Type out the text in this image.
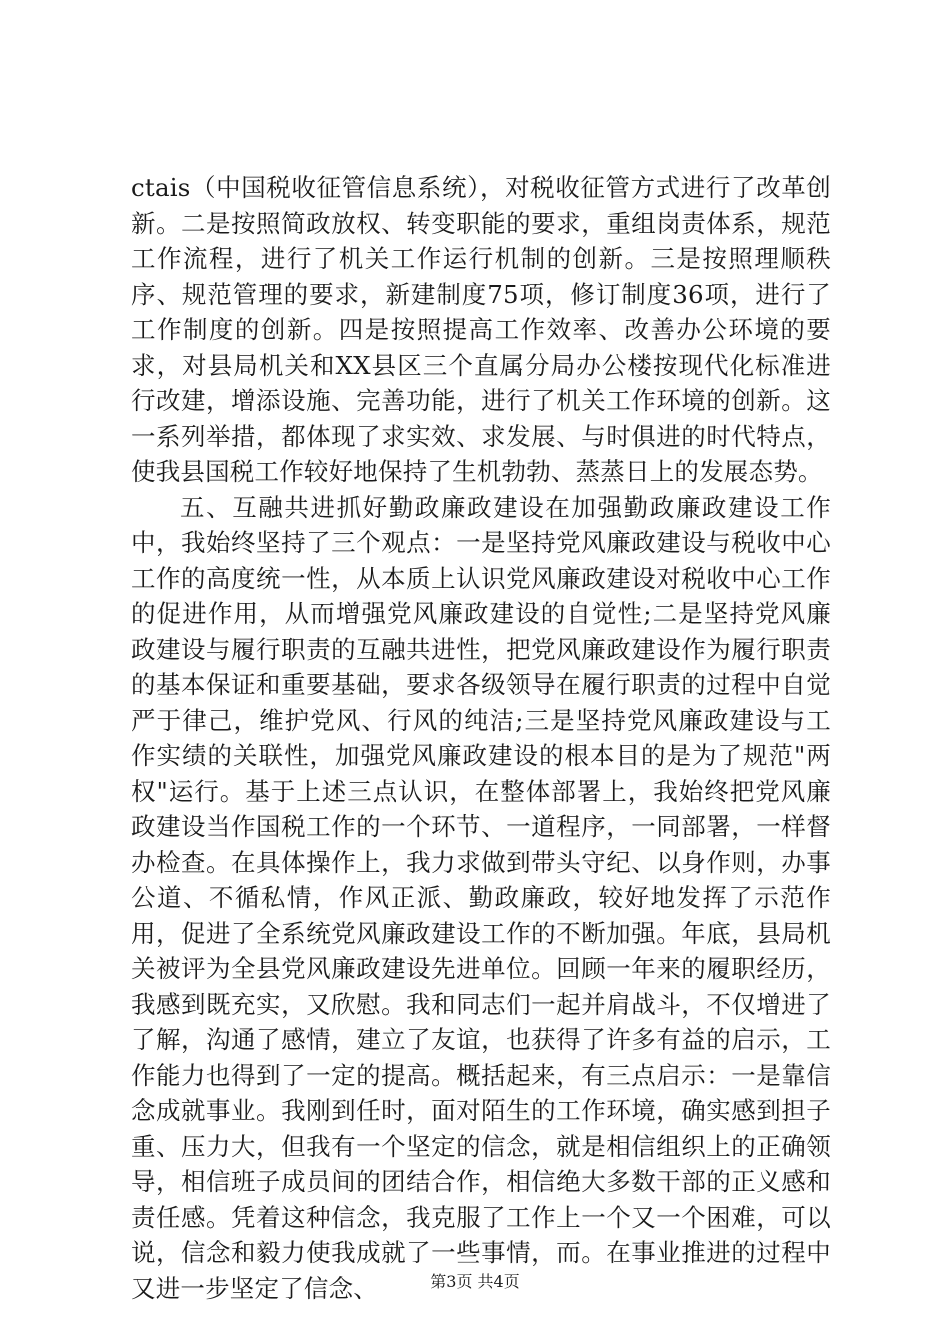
ctais（中国税收征管信息系统），对税收征管方式进行了改革创新。二是按照简政放权、转变职能的要求，重组岗责体系，规范工作流程，进行了机关工作运行机制的创新。三是按照理顺秩序、规范管理的要求，新建制度75项，修订制度36项，进行了工作制度的创新。四是按照提高工作效率、改善办公环境的要求，对县局机关和XX县区三个直属分局办公楼按现代化标准进行改建，增添设施、完善功能，进行了机关工作环境的创新。这一系列举措，都体现了求实效、求发展、与时俱进的时代特点，使我县国税工作较好地保持了生机勃勃、蒸蒸日上的发展态势。

五、互融共进抓好勤政廉政建设在加强勤政廉政建设工作中，我始终坚持了三个观点：一是坚持党风廉政建设与税收中心工作的高度统一性，从本质上认识党风廉政建设对税收中心工作的促进作用，从而增强党风廉政建设的自觉性;二是坚持党风廉政建设与履行职责的互融共进性，把党风廉政建设作为履行职责的基本保证和重要基础，要求各级领导在履行职责的过程中自觉严于律己，维护党风、行风的纯洁;三是坚持党风廉政建设与工作实绩的关联性，加强党风廉政建设的根本目的是为了规范"两权"运行。基于上述三点认识，在整体部署上，我始终把党风廉政建设当作国税工作的一个环节、一道程序，一同部署，一样督办检查。在具体操作上，我力求做到带头守纪、以身作则，办事公道、不循私情，作风正派、勤政廉政，较好地发挥了示范作用，促进了全系统党风廉政建设工作的不断加强。年底，县局机关被评为全县党风廉政建设先进单位。回顾一年来的履职经历，我感到既充实，又欣慰。我和同志们一起并肩战斗，不仅增进了了解，沟通了感情，建立了友谊，也获得了许多有益的启示，工作能力也得到了一定的提高。概括起来，有三点启示：一是靠信念成就事业。我刚到任时，面对陌生的工作环境，确实感到担子重、压力大，但我有一个坚定的信念，就是相信组织上的正确领导，相信班子成员间的团结合作，相信绝大多数干部的正义感和责任感。凭着这种信念，我克服了工作上一个又一个困难，可以说，信念和毅力使我成就了一些事情，而。在事业推进的过程中又进一步坚定了信念、	第3页 共4页
